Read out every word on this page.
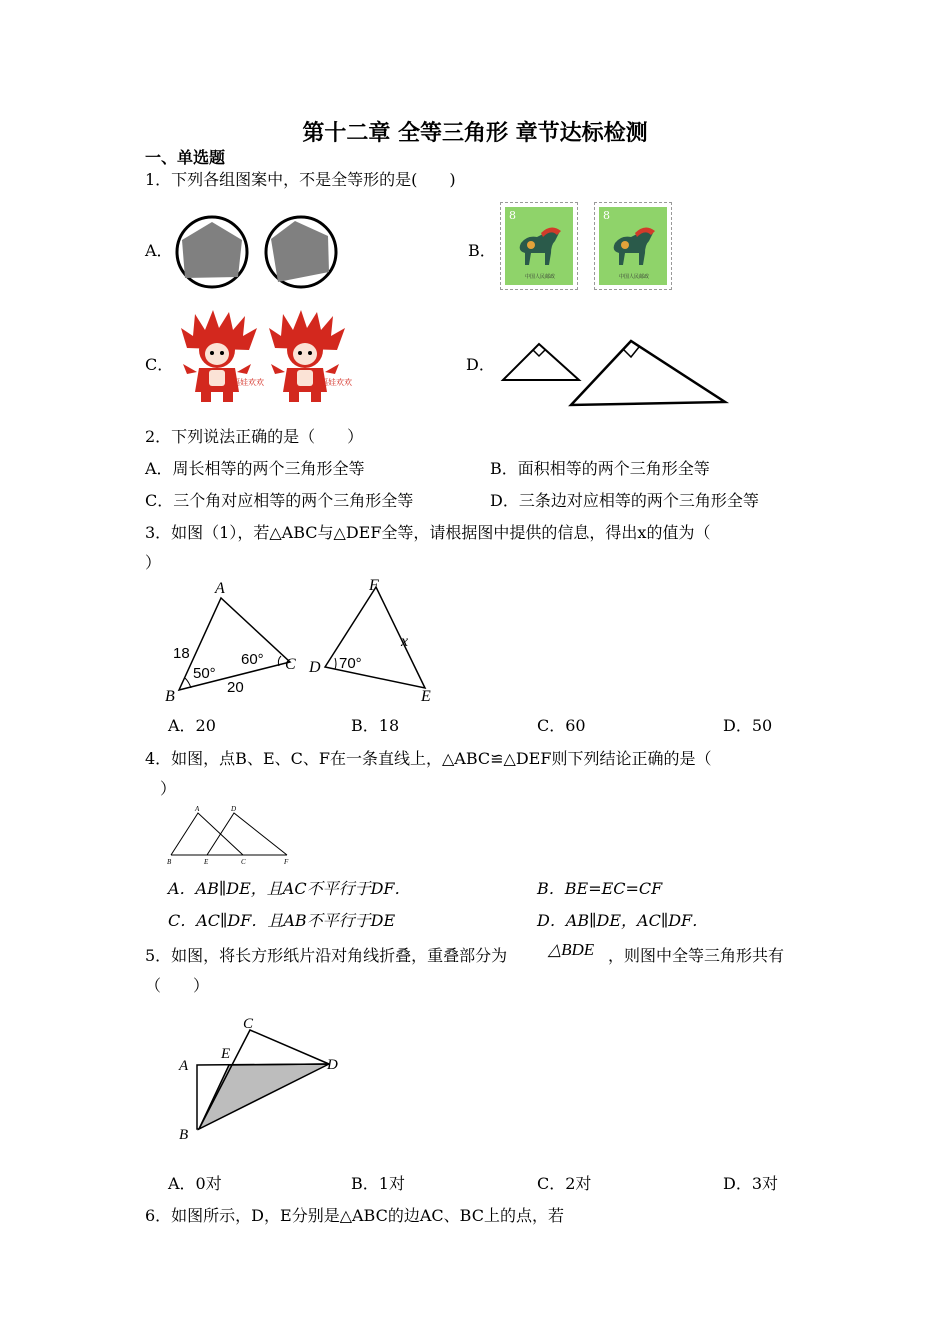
第十二章 全等三角形 章节达标检测
一、单选题
1．下列各组图案中，不是全等形的是(　　)
A．	B．
8
中国人民邮政
8
中国人民邮政
C．
福娃欢欢	福娃欢欢
D．
2．下列说法正确的是（　　）
A．周长相等的两个三角形全等	B．面积相等的两个三角形全等
C．三个角对应相等的两个三角形全等	D．三条边对应相等的两个三角形全等
3．如图（1），若△ABC与△DEF全等，请根据图中提供的信息，得出x的值为（
）
A
B
C
18
50°
60°
20
F
D
E
70°
x
A．20	B．18	C．60	D．50
4．如图，点B、E、C、F在一条直线上，△ABC≌△DEF则下列结论正确的是（
）
A	D
B	E	C	F
A．AB∥DE，且AC不平行于DF．	B．BE=EC=CF
C．AC∥DF．且AB不平行于DE	D．AB∥DE，AC∥DF．
5．如图，将长方形纸片沿对角线折叠，重叠部分为 △BDE ，则图中全等三角形共有
（　　）
C
E
A	D
B
A．0对	B．1对	C．2对	D．3对
6．如图所示，D，E分别是△ABC的边AC、BC上的点，若
